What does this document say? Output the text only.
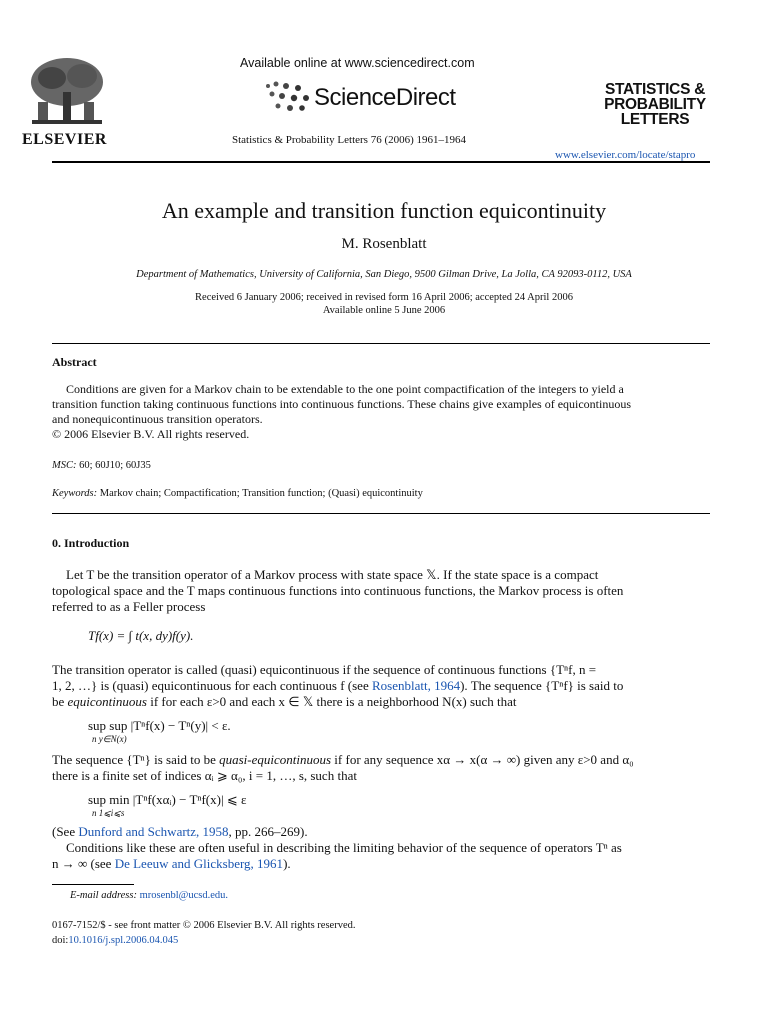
ELSEVIER
Available online at www.sciencedirect.com
ScienceDirect
Statistics & Probability Letters 76 (2006) 1961–1964
STATISTICS &
PROBABILITY
LETTERS
www.elsevier.com/locate/stapro
An example and transition function equicontinuity
M. Rosenblatt
Department of Mathematics, University of California, San Diego, 9500 Gilman Drive, La Jolla, CA 92093-0112, USA
Received 6 January 2006; received in revised form 16 April 2006; accepted 24 April 2006
Available online 5 June 2006
Abstract
Conditions are given for a Markov chain to be extendable to the one point compactification of the integers to yield a
transition function taking continuous functions into continuous functions. These chains give examples of equicontinuous
and nonequicontinuous transition operators.
© 2006 Elsevier B.V. All rights reserved.
MSC: 60; 60J10; 60J35
Keywords: Markov chain; Compactification; Transition function; (Quasi) equicontinuity
0. Introduction
Let T be the transition operator of a Markov process with state space 𝕏. If the state space is a compact
topological space and the T maps continuous functions into continuous functions, the Markov process is often
referred to as a Feller process
Tf(x) = ∫ t(x, dy)f(y).
The transition operator is called (quasi) equicontinuous if the sequence of continuous functions {Tⁿf, n =
1, 2, …} is (quasi) equicontinuous for each continuous f (see Rosenblatt, 1964). The sequence {Tⁿf} is said to
be equicontinuous if for each ε>0 and each x ∈ 𝕏 there is a neighborhood N(x) such that
sup sup |Tⁿf(x) − Tⁿ(y)| < ε.
n y∈N(x)
The sequence {Tⁿ} is said to be quasi-equicontinuous if for any sequence xα → x(α → ∞) given any ε>0 and α₀
there is a finite set of indices αᵢ ⩾ α₀, i = 1, …, s, such that
sup min |Tⁿf(xαᵢ) − Tⁿf(x)| ⩽ ε
n 1⩽i⩽s
(See Dunford and Schwartz, 1958, pp. 266–269).
Conditions like these are often useful in describing the limiting behavior of the sequence of operators Tⁿ as
n → ∞ (see De Leeuw and Glicksberg, 1961).
E-mail address: mrosenbl@ucsd.edu.
0167-7152/$ - see front matter © 2006 Elsevier B.V. All rights reserved.
doi:10.1016/j.spl.2006.04.045
